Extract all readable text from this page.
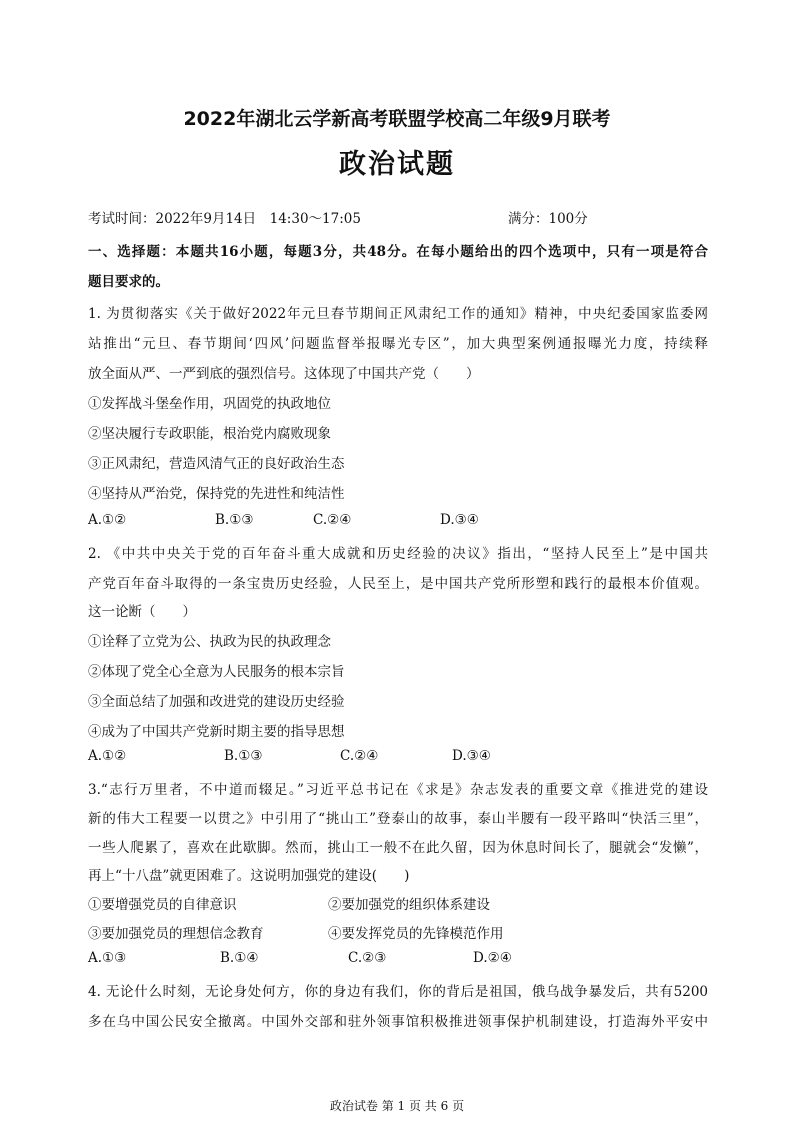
2022年湖北云学新高考联盟学校高二年级9月联考
政治试题
考试时间：2022年9月14日　14:30～17:05	满分：100分
一、选择题：本题共16小题，每题3分，共48分。在每小题给出的四个选项中，只有一项是符合
题目要求的。
1. 为贯彻落实《关于做好2022年元旦春节期间正风肃纪工作的通知》精神，中央纪委国家监委网
站推出“元旦、春节期间‘四风’问题监督举报曝光专区”，加大典型案例通报曝光力度，持续释
放全面从严、一严到底的强烈信号。这体现了中国共产党（　　）
①发挥战斗堡垒作用，巩固党的执政地位
②坚决履行专政职能，根治党内腐败现象
③正风肃纪，营造风清气正的良好政治生态
④坚持从严治党，保持党的先进性和纯洁性
A.①②	B.①③	C.②④	D.③④
2. 《中共中央关于党的百年奋斗重大成就和历史经验的决议》指出，“坚持人民至上”是中国共
产党百年奋斗取得的一条宝贵历史经验，人民至上，是中国共产党所形塑和践行的最根本价值观。
这一论断（　　）
①诠释了立党为公、执政为民的执政理念
②体现了党全心全意为人民服务的根本宗旨
③全面总结了加强和改进党的建设历史经验
④成为了中国共产党新时期主要的指导思想
A.①②	B.①③	C.②④	D.③④
3.“志行万里者，不中道而辍足。”习近平总书记在《求是》杂志发表的重要文章《推进党的建设
新的伟大工程要一以贯之》中引用了“挑山工”登泰山的故事，泰山半腰有一段平路叫“快活三里”，
一些人爬累了，喜欢在此歇脚。然而，挑山工一般不在此久留，因为休息时间长了，腿就会“发懒”，
再上“十八盘”就更困难了。这说明加强党的建设(　　)
①要增强党员的自律意识	②要加强党的组织体系建设
③要加强党员的理想信念教育	④要发挥党员的先锋模范作用
A.①③	B.①④	C.②③	D.②④
4. 无论什么时刻，无论身处何方，你的身边有我们，你的背后是祖国，俄乌战争暴发后，共有5200
多在乌中国公民安全撤离。中国外交部和驻外领事馆积极推进领事保护机制建设，打造海外平安中
政治试卷 第 1 页 共 6 页
